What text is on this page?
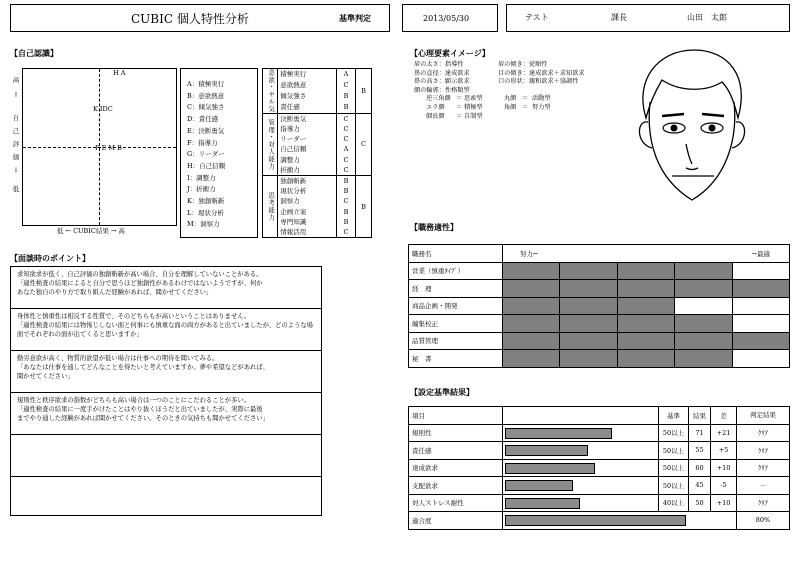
CUBIC 個人特性分析	基準判定	2013/05/30	テスト	課長	山田　太郎
【自己認識】
高
↑
自
己
評
価
↓
低
H A
K IDC
F E M B
低 ← CUBIC結果 → 高
A：積極実行
B：意欲熱意
C：傾気強さ
D：責任感
E：決断勇気
F：指導力
G：リーダー
H：自己信頼
I：調整力
J：折衝力
K：独創斬新
L：現状分析
M：洞察力
意欲・ヤル気	積極実行	A	B
	意欲熱意	C	
	傾気強さ	B	
	責任感	B	

管理・対人能力	決断勇気	C	C
	指導力	C	
	リーダー	C	
	自己信頼	A	
	調整力	C	
	折衝力	C	

思考能力	独創斬新	B	B
	現状分析	B	
	洞察力	C	
	企画立案	B	
	専門知識	B	
	情報活用	C	
【面談時のポイント】
求知欲求が低く、自己評価の独創斬新が高い場合、自分を理解していないことがある。
「適性検査の結果によると自分で思うほど独創性があるわけではないようですが、何か
あなた独自のやり方で取り組んだ経験があれば、聞かせてください」
身体性と慎重性は相反する性質で、そのどちらもが高いということはありません。
「適性検査の結果には物怖じしない面と何事にも慎重な面の両方があると出ていましたが、どのような場面でそれぞれの面が出てくると思いますか」
勤労意欲が高く、物質的欲望が低い場合は仕事への期待を聞いてみる。
「あなたは仕事を通してどんなことを得たいと考えていますか。夢や希望などがあれば、
聞かせてください」
規則性と秩序欲求の指数がどちらも高い場合は一つのことにこだわることが多い。
「適性検査の結果に一度手がけたことはやり抜くほうだと出ていましたが、実際に最後
までやり通した経験があれば聞かせてください。そのときの気持ちも聞かせてください」
【心理要素イメージ】
眉の太さ：指導性	眉の傾き：従順性
鼻の直径：達成欲求	目の傾き：達成欲求＋求知欲求
鼻の高さ：顕示欲求	口の形状：親和欲求＋協調性
顔の輪郭：性格類型
逆三角顔 ＝ 思索型	丸顔 ＝ 活動型
エラ顔	＝ 積極型	角顔 ＝ 努力型
細長顔	＝ 自制型
【職務適性】
職務名	努力← →最適				

営業（慎重ﾀｲﾌﾟ）					
経　理					
商品企画・開発					
編集校正					
品質管理					
秘　書					
【設定基準結果】
項目		基準	結果	差	判定結果
規則性		50以上	71	+21	ｸﾘｱ
責任感		50以上	55	+5	ｸﾘｱ
達成欲求		50以上	60	+10	ｸﾘｱ
支配欲求		50以上	45	-5	－
対人ストレス耐性		40以上	50	+10	ｸﾘｱ
適合度					80%
